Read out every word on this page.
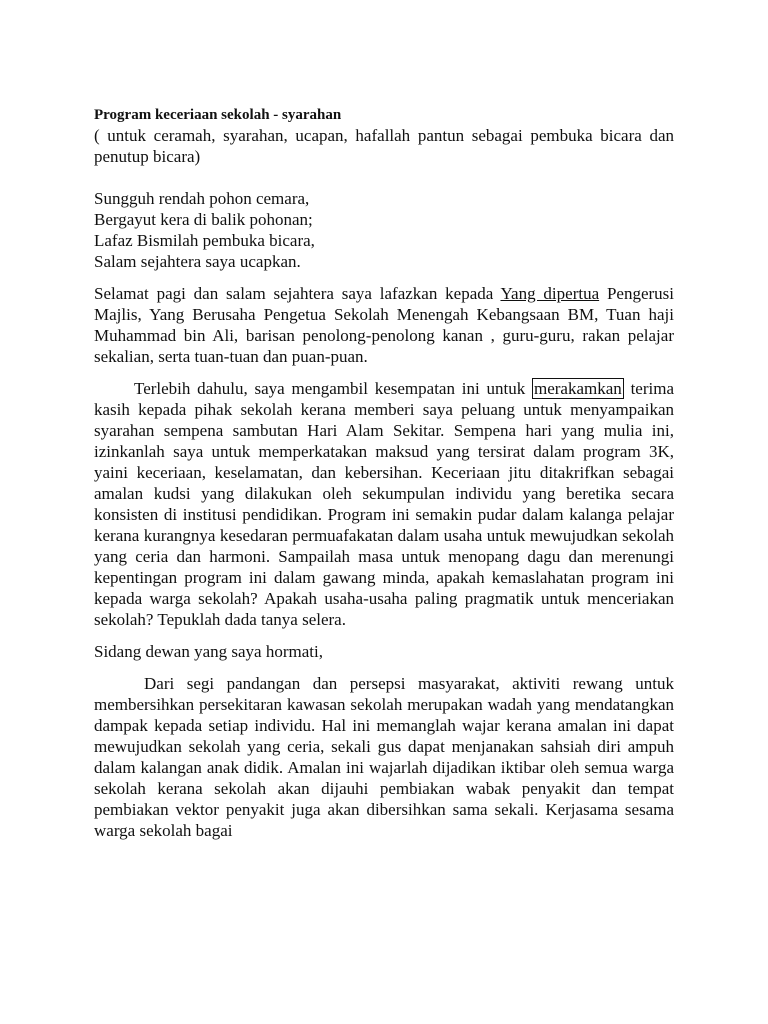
Program keceriaan sekolah - syarahan
( untuk ceramah, syarahan, ucapan, hafallah pantun sebagai pembuka bicara dan penutup bicara)
Sungguh rendah pohon cemara,
Bergayut kera di balik pohonan;
Lafaz Bismilah pembuka bicara,
Salam sejahtera saya ucapkan.

Selamat pagi dan salam sejahtera saya lafazkan kepada Yang dipertua Pengerusi Majlis, Yang Berusaha Pengetua Sekolah Menengah Kebangsaan BM, Tuan haji Muhammad bin Ali, barisan penolong-penolong kanan , guru-guru, rakan pelajar sekalian, serta tuan-tuan dan puan-puan.

Terlebih dahulu, saya mengambil kesempatan ini untuk merakamkan terima kasih kepada pihak sekolah kerana memberi saya peluang untuk menyampaikan syarahan sempena sambutan Hari Alam Sekitar. Sempena hari yang mulia ini, izinkanlah saya untuk memperkatakan maksud yang tersirat dalam program 3K, yaini keceriaan, keselamatan, dan kebersihan. Keceriaan jitu ditakrifkan sebagai amalan kudsi yang dilakukan oleh sekumpulan individu yang beretika secara konsisten di institusi pendidikan. Program ini semakin pudar dalam kalanga pelajar kerana kurangnya kesedaran permuafakatan dalam usaha untuk mewujudkan sekolah yang ceria dan harmoni. Sampailah masa untuk menopang dagu dan merenungi kepentingan program ini dalam gawang minda, apakah kemaslahatan program ini kepada warga sekolah? Apakah usaha-usaha paling pragmatik untuk menceriakan sekolah? Tepuklah dada tanya selera.

Sidang dewan yang saya hormati,

Dari segi pandangan dan persepsi masyarakat, aktiviti rewang untuk membersihkan persekitaran kawasan sekolah merupakan wadah yang mendatangkan dampak kepada setiap individu. Hal ini memanglah wajar kerana amalan ini dapat mewujudkan sekolah yang ceria, sekali gus dapat menjanakan sahsiah diri ampuh dalam kalangan anak didik. Amalan ini wajarlah dijadikan iktibar oleh semua warga sekolah kerana sekolah akan dijauhi pembiakan wabak penyakit dan tempat pembiakan vektor penyakit juga akan dibersihkan sama sekali. Kerjasama sesama warga sekolah bagai
